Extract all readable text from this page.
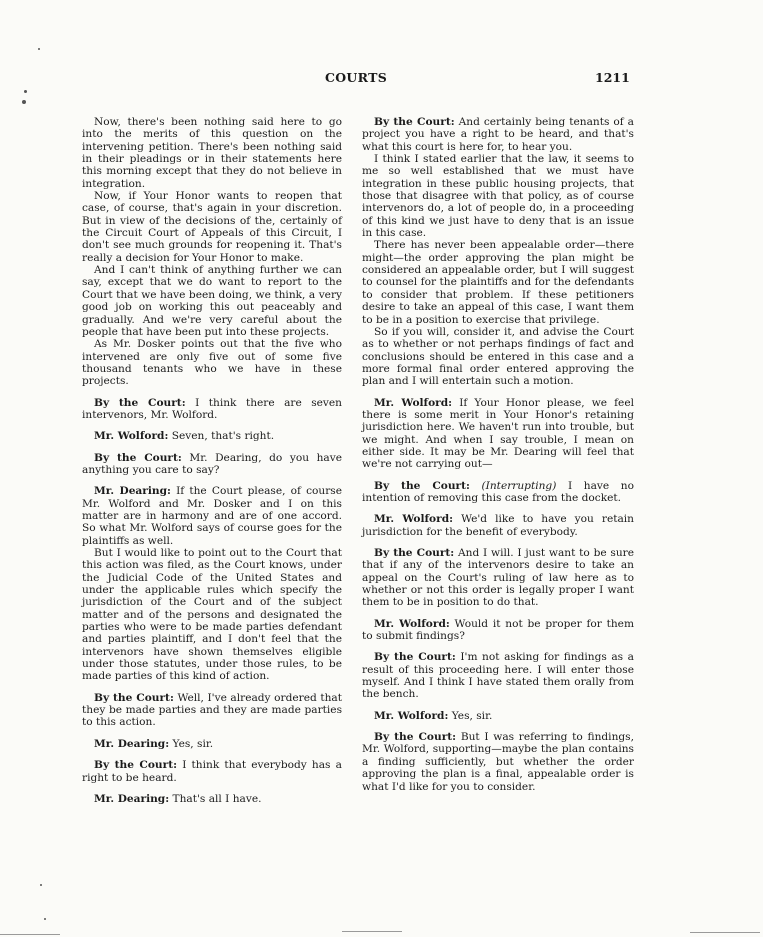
COURTS	1211

Now, there's been nothing said here to go into the merits of this question on the intervening petition. There's been nothing said in their pleadings or in their statements here this morning except that they do not believe in integration.

Now, if Your Honor wants to reopen that case, of course, that's again in your discretion. But in view of the decisions of the, certainly of the Circuit Court of Appeals of this Circuit, I don't see much grounds for reopening it. That's really a decision for Your Honor to make.

And I can't think of anything further we can say, except that we do want to report to the Court that we have been doing, we think, a very good job on working this out peaceably and gradually. And we're very careful about the people that have been put into these projects.

As Mr. Dosker points out that the five who intervened are only five out of some five thousand tenants who we have in these projects.

By the Court: I think there are seven intervenors, Mr. Wolford.

Mr. Wolford: Seven, that's right.

By the Court: Mr. Dearing, do you have anything you care to say?

Mr. Dearing: If the Court please, of course Mr. Wolford and Mr. Dosker and I on this matter are in harmony and are of one accord. So what Mr. Wolford says of course goes for the plaintiffs as well.

But I would like to point out to the Court that this action was filed, as the Court knows, under the Judicial Code of the United States and under the applicable rules which specify the jurisdiction of the Court and of the subject matter and of the persons and designated the parties who were to be made parties defendant and parties plaintiff, and I don't feel that the intervenors have shown themselves eligible under those statutes, under those rules, to be made parties of this kind of action.

By the Court: Well, I've already ordered that they be made parties and they are made parties to this action.

Mr. Dearing: Yes, sir.

By the Court: I think that everybody has a right to be heard.

Mr. Dearing: That's all I have.

By the Court: And certainly being tenants of a project you have a right to be heard, and that's what this court is here for, to hear you.

I think I stated earlier that the law, it seems to me so well established that we must have integration in these public housing projects, that those that disagree with that policy, as of course intervenors do, a lot of people do, in a proceeding of this kind we just have to deny that is an issue in this case.

There has never been appealable order—there might—the order approving the plan might be considered an appealable order, but I will suggest to counsel for the plaintiffs and for the defendants to consider that problem. If these petitioners desire to take an appeal of this case, I want them to be in a position to exercise that privilege.

So if you will, consider it, and advise the Court as to whether or not perhaps findings of fact and conclusions should be entered in this case and a more formal final order entered approving the plan and I will entertain such a motion.

Mr. Wolford: If Your Honor please, we feel there is some merit in Your Honor's retaining jurisdiction here. We haven't run into trouble, but we might. And when I say trouble, I mean on either side. It may be Mr. Dearing will feel that we're not carrying out—

By the Court: (Interrupting) I have no intention of removing this case from the docket.

Mr. Wolford: We'd like to have you retain jurisdiction for the benefit of everybody.

By the Court: And I will. I just want to be sure that if any of the intervenors desire to take an appeal on the Court's ruling of law here as to whether or not this order is legally proper I want them to be in position to do that.

Mr. Wolford: Would it not be proper for them to submit findings?

By the Court: I'm not asking for findings as a result of this proceeding here. I will enter those myself. And I think I have stated them orally from the bench.

Mr. Wolford: Yes, sir.

By the Court: But I was referring to findings, Mr. Wolford, supporting—maybe the plan contains a finding sufficiently, but whether the order approving the plan is a final, appealable order is what I'd like for you to consider.
